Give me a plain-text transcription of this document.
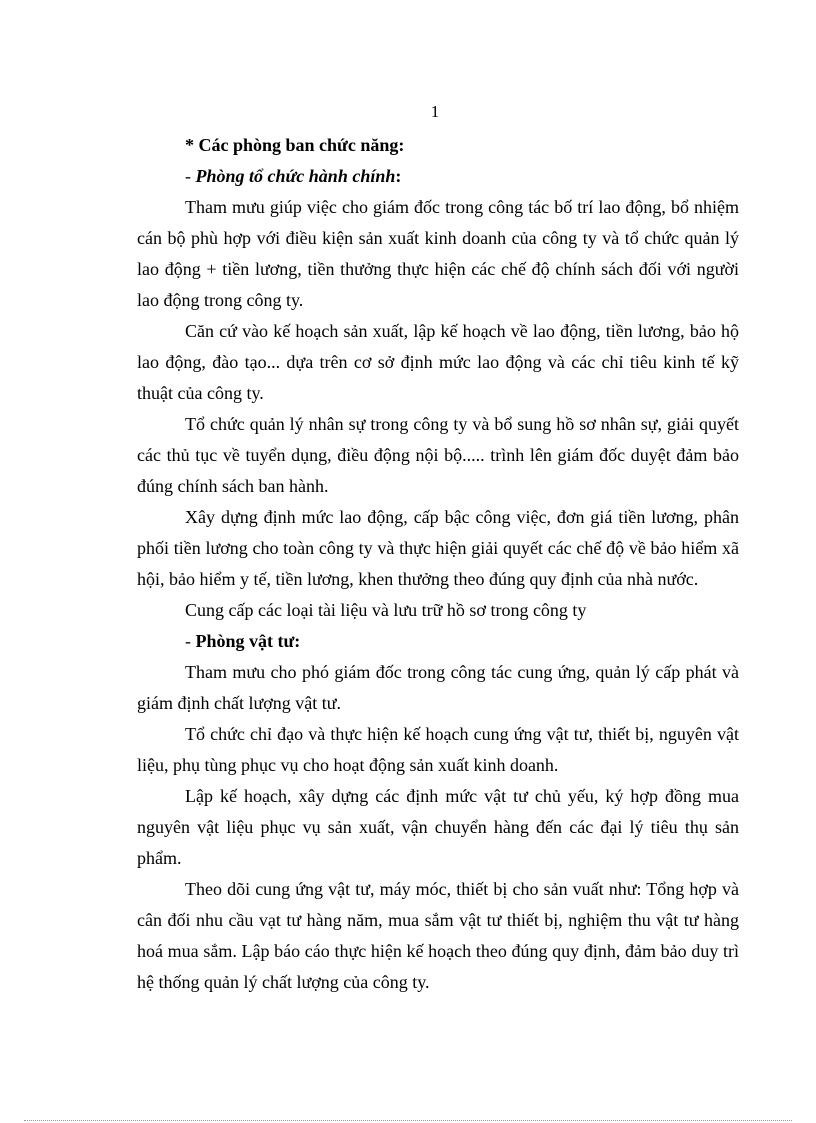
1

* Các phòng ban chức năng:

- Phòng tổ chức hành chính:

Tham mưu giúp việc cho giám đốc trong công tác bố trí lao động, bổ nhiệm cán bộ phù hợp với điều kiện sản xuất kinh doanh của công ty và tổ chức quản lý lao động + tiền lương, tiền thưởng thực hiện các chế độ chính sách đối với người lao động trong công ty.

Căn cứ vào kế hoạch sản xuất, lập kế hoạch về lao động, tiền lương, bảo hộ lao động, đào tạo... dựa trên cơ sở định mức lao động và các chỉ tiêu kinh tế kỹ thuật của công ty.

Tổ chức quản lý nhân sự trong công ty và bổ sung hồ sơ nhân sự, giải quyết các thủ tục về tuyển dụng, điều động nội bộ..... trình lên giám đốc duyệt đảm bảo đúng chính sách ban hành.

Xây dựng định mức lao động, cấp bậc công việc, đơn giá tiền lương, phân phối tiền lương cho toàn công ty và thực hiện giải quyết các chế độ về bảo hiểm xã hội, bảo hiểm y tế, tiền lương, khen thưởng theo đúng quy định của nhà nước.

Cung cấp các loại tài liệu và lưu trữ hồ sơ trong công ty

- Phòng vật tư:

Tham mưu cho phó giám đốc trong công tác cung ứng, quản lý cấp phát và giám định chất lượng vật tư.

Tổ chức chỉ đạo và thực hiện kế hoạch cung ứng vật tư, thiết bị, nguyên vật liệu, phụ tùng phục vụ cho hoạt động sản xuất kinh doanh.

Lập kế hoạch, xây dựng các định mức vật tư chủ yếu, ký hợp đồng mua nguyên vật liệu phục vụ sản xuất, vận chuyển hàng đến các đại lý tiêu thụ sản phẩm.

Theo dõi cung ứng vật tư, máy móc, thiết bị cho sản vuất như: Tổng hợp và cân đối nhu cầu vạt tư hàng năm, mua sắm vật tư thiết bị, nghiệm thu vật tư hàng hoá mua sắm. Lập báo cáo thực hiện kế hoạch theo đúng quy định, đảm bảo duy trì hệ thống quản lý chất lượng của công ty.
